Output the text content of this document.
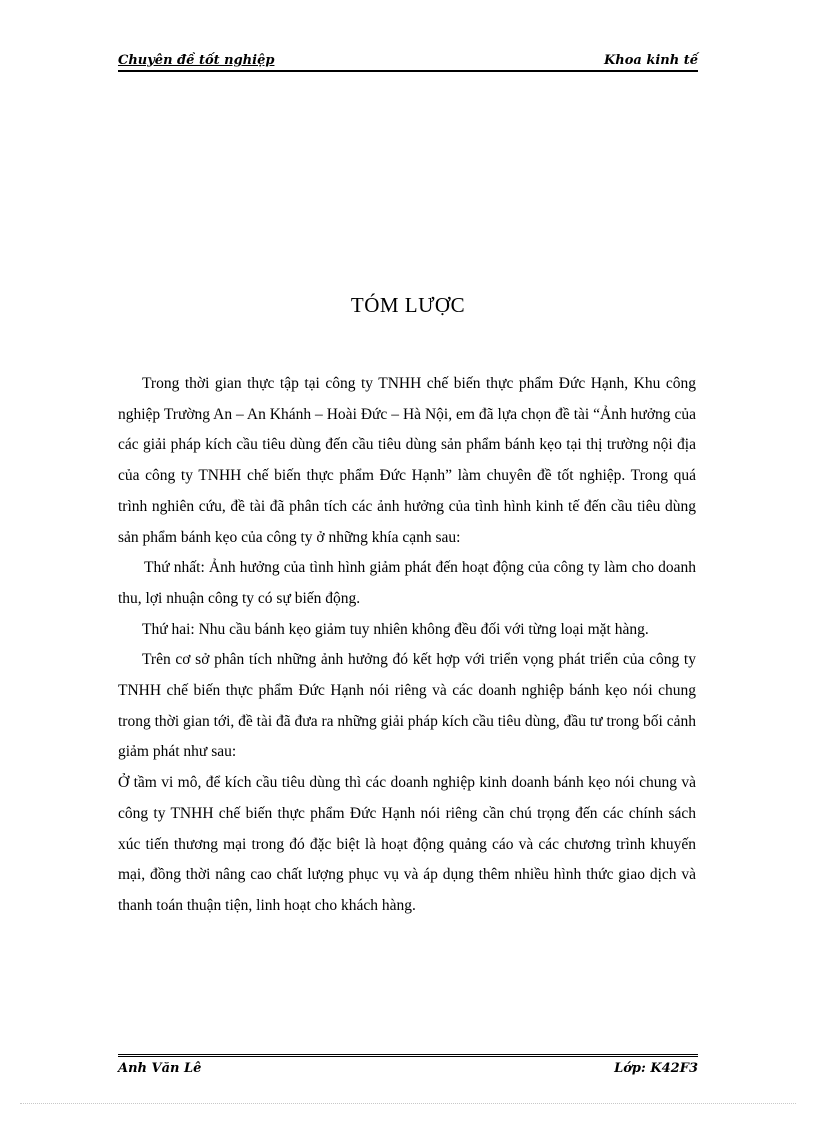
Chuyên đề tốt nghiệp	Khoa kinh tế
TÓM LƯỢC

Trong thời gian thực tập tại công ty TNHH chế biến thực phẩm Đức Hạnh, Khu công nghiệp Trường An – An Khánh – Hoài Đức – Hà Nội, em đã lựa chọn đề tài “Ảnh hưởng của các giải pháp kích cầu tiêu dùng đến cầu tiêu dùng sản phẩm bánh kẹo tại thị trường nội địa của công ty TNHH chế biến thực phẩm Đức Hạnh” làm chuyên đề tốt nghiệp. Trong quá trình nghiên cứu, đề tài đã phân tích các ảnh hưởng của tình hình kinh tế đến cầu tiêu dùng sản phẩm bánh kẹo của công ty ở những khía cạnh sau:

Thứ nhất: Ảnh hưởng của tình hình giảm phát đến hoạt động của công ty làm cho doanh thu, lợi nhuận công ty có sự biến động.

Thứ hai: Nhu cầu bánh kẹo giảm tuy nhiên không đều đối với từng loại mặt hàng.

Trên cơ sở phân tích những ảnh hưởng đó kết hợp với triển vọng phát triển của công ty TNHH chế biến thực phẩm Đức Hạnh nói riêng và các doanh nghiệp bánh kẹo nói chung trong thời gian tới, đề tài đã đưa ra những giải pháp kích cầu tiêu dùng, đầu tư trong bối cảnh giảm phát như sau:

Ở tầm vi mô, để kích cầu tiêu dùng thì các doanh nghiệp kinh doanh bánh kẹo nói chung và công ty TNHH chế biến thực phẩm Đức Hạnh nói riêng cần chú trọng đến các chính sách xúc tiến thương mại trong đó đặc biệt là hoạt động quảng cáo và các chương trình khuyến mại, đồng thời nâng cao chất lượng phục vụ và áp dụng thêm nhiều hình thức giao dịch và thanh toán thuận tiện, linh hoạt cho khách hàng.

Anh Văn Lê	Lớp: K42F3
